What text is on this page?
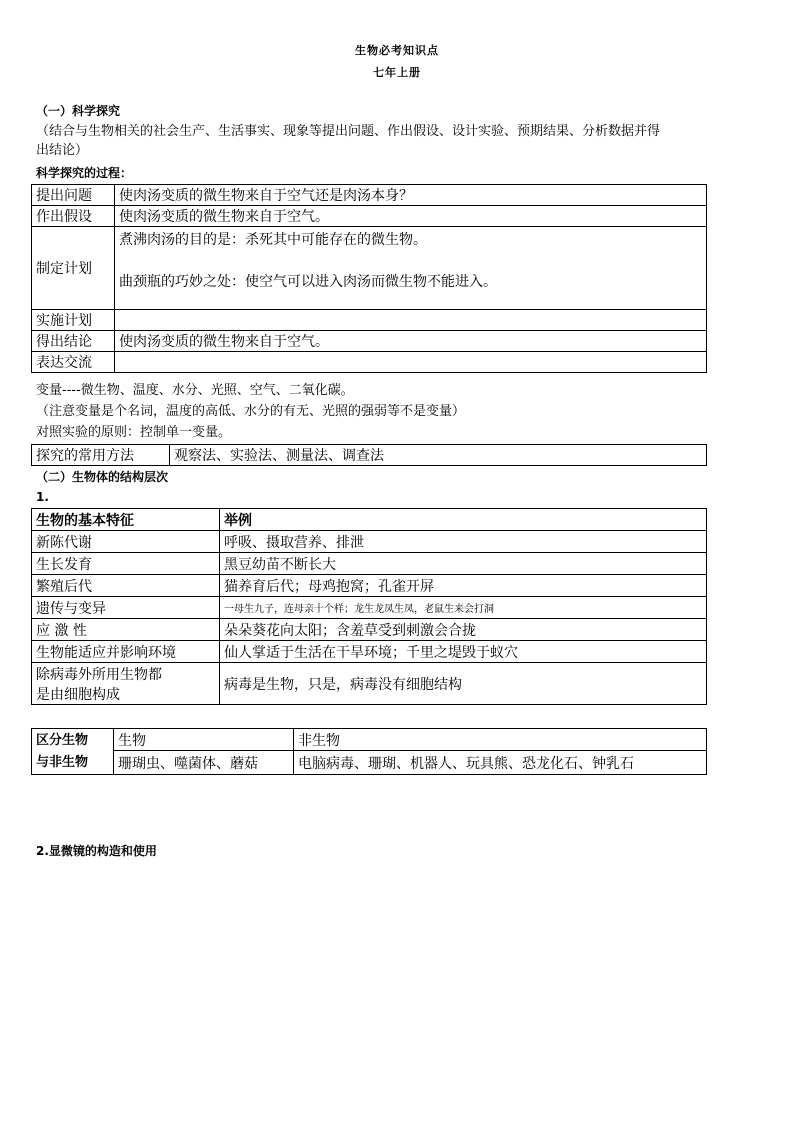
生物必考知识点
七年上册
（一）科学探究
（结合与生物相关的社会生产、生活事实、现象等提出问题、作出假设、设计实验、预期结果、分析数据并得
出结论）
科学探究的过程：
提出问题	使肉汤变质的微生物来自于空气还是肉汤本身？
作出假设	使肉汤变质的微生物来自于空气。
制定计划	煮沸肉汤的目的是：杀死其中可能存在的微生物。
曲颈瓶的巧妙之处：使空气可以进入肉汤而微生物不能进入。

实施计划	
得出结论	使肉汤变质的微生物来自于空气。
表达交流	
变量----微生物、温度、水分、光照、空气、二氧化碳。
（注意变量是个名词，温度的高低、水分的有无、光照的强弱等不是变量）
对照实验的原则：控制单一变量。
探究的常用方法	观察法、实验法、测量法、调查法
（二）生物体的结构层次
1.
生物的基本特征	举例
新陈代谢	呼吸、摄取营养、排泄
生长发育	黑豆幼苗不断长大
繁殖后代	猫养育后代；母鸡抱窝；孔雀开屏
遗传与变异	一母生九子，连母亲十个样；龙生龙凤生凤，老鼠生来会打洞
应 激 性	朵朵葵花向太阳；含羞草受到刺激会合拢
生物能适应并影响环境	仙人掌适于生活在干旱环境；千里之堤毁于蚁穴

除病毒外所用生物都
是由细胞构成	病毒是生物，只是，病毒没有细胞结构
区分生物
与非生物	生物	非生物
	珊瑚虫、噬菌体、蘑菇	电脑病毒、珊瑚、机器人、玩具熊、恐龙化石、钟乳石
2.显微镜的构造和使用
